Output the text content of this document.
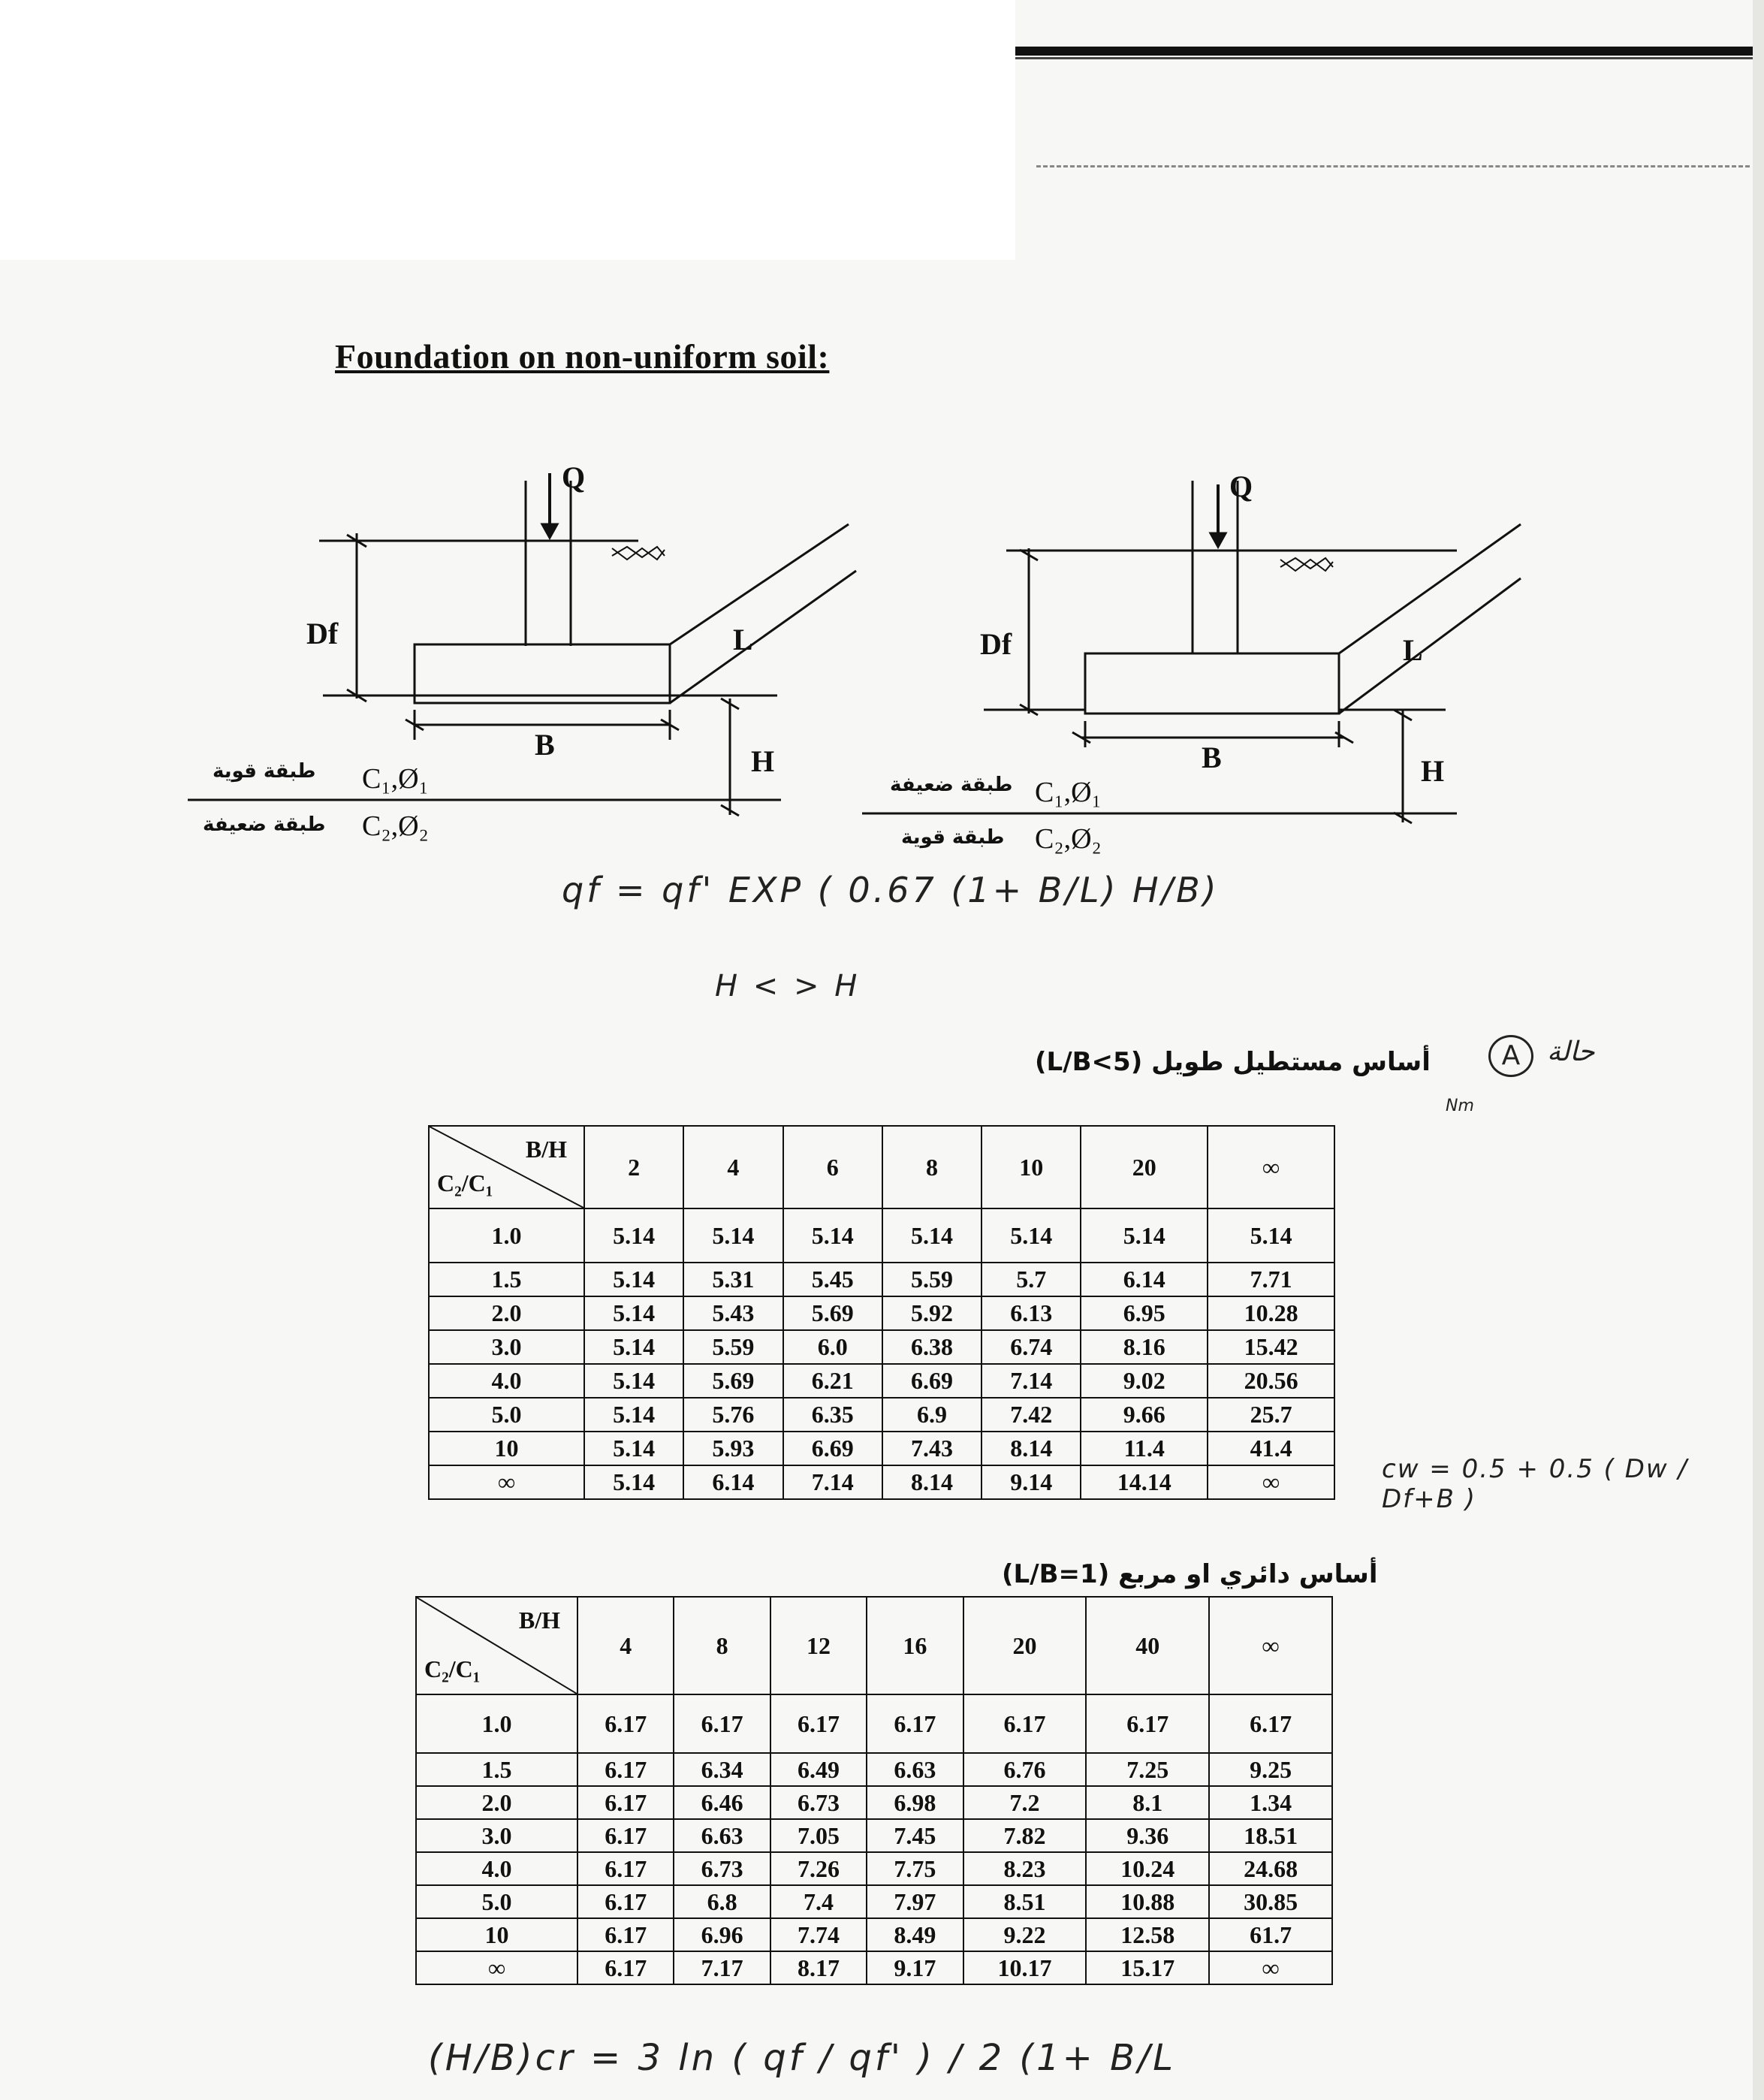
Foundation on non-uniform soil:
Q
Df	L
B	H
طبقة قوية
طبقة ضعيفة
C₁,Ø₁
C₂,Ø₂
Q
Df	L
B	H
طبقة ضعيفة
طبقة قوية
C₁,Ø₁
C₂,Ø₂
qf = qf' EXP ( 0.67 (1+ B/L) H/B)
H < > H
حالة
A
Nm
cw = 0.5 + 0.5 ( Dw / Df+B )
(H/B)cr = 3 ln ( qf / qf' ) / 2 (1+ B/L
أساس مستطيل طويل (L/B<5)
B/H
C₂/C₁	2	4	6	8	10	20	∞
1.0	5.14	5.14	5.14	5.14	5.14	5.14	5.14
1.5	5.14	5.31	5.45	5.59	5.7	6.14	7.71
2.0	5.14	5.43	5.69	5.92	6.13	6.95	10.28
3.0	5.14	5.59	6.0	6.38	6.74	8.16	15.42
4.0	5.14	5.69	6.21	6.69	7.14	9.02	20.56
5.0	5.14	5.76	6.35	6.9	7.42	9.66	25.7
10	5.14	5.93	6.69	7.43	8.14	11.4	41.4
∞	5.14	6.14	7.14	8.14	9.14	14.14	∞
أساس دائري او مربع (L/B=1)
B/H
C₂/C₁	4	8	12	16	20	40	∞
1.0	6.17	6.17	6.17	6.17	6.17	6.17	6.17
1.5	6.17	6.34	6.49	6.63	6.76	7.25	9.25
2.0	6.17	6.46	6.73	6.98	7.2	8.1	1.34
3.0	6.17	6.63	7.05	7.45	7.82	9.36	18.51
4.0	6.17	6.73	7.26	7.75	8.23	10.24	24.68
5.0	6.17	6.8	7.4	7.97	8.51	10.88	30.85
10	6.17	6.96	7.74	8.49	9.22	12.58	61.7
∞	6.17	7.17	8.17	9.17	10.17	15.17	∞
